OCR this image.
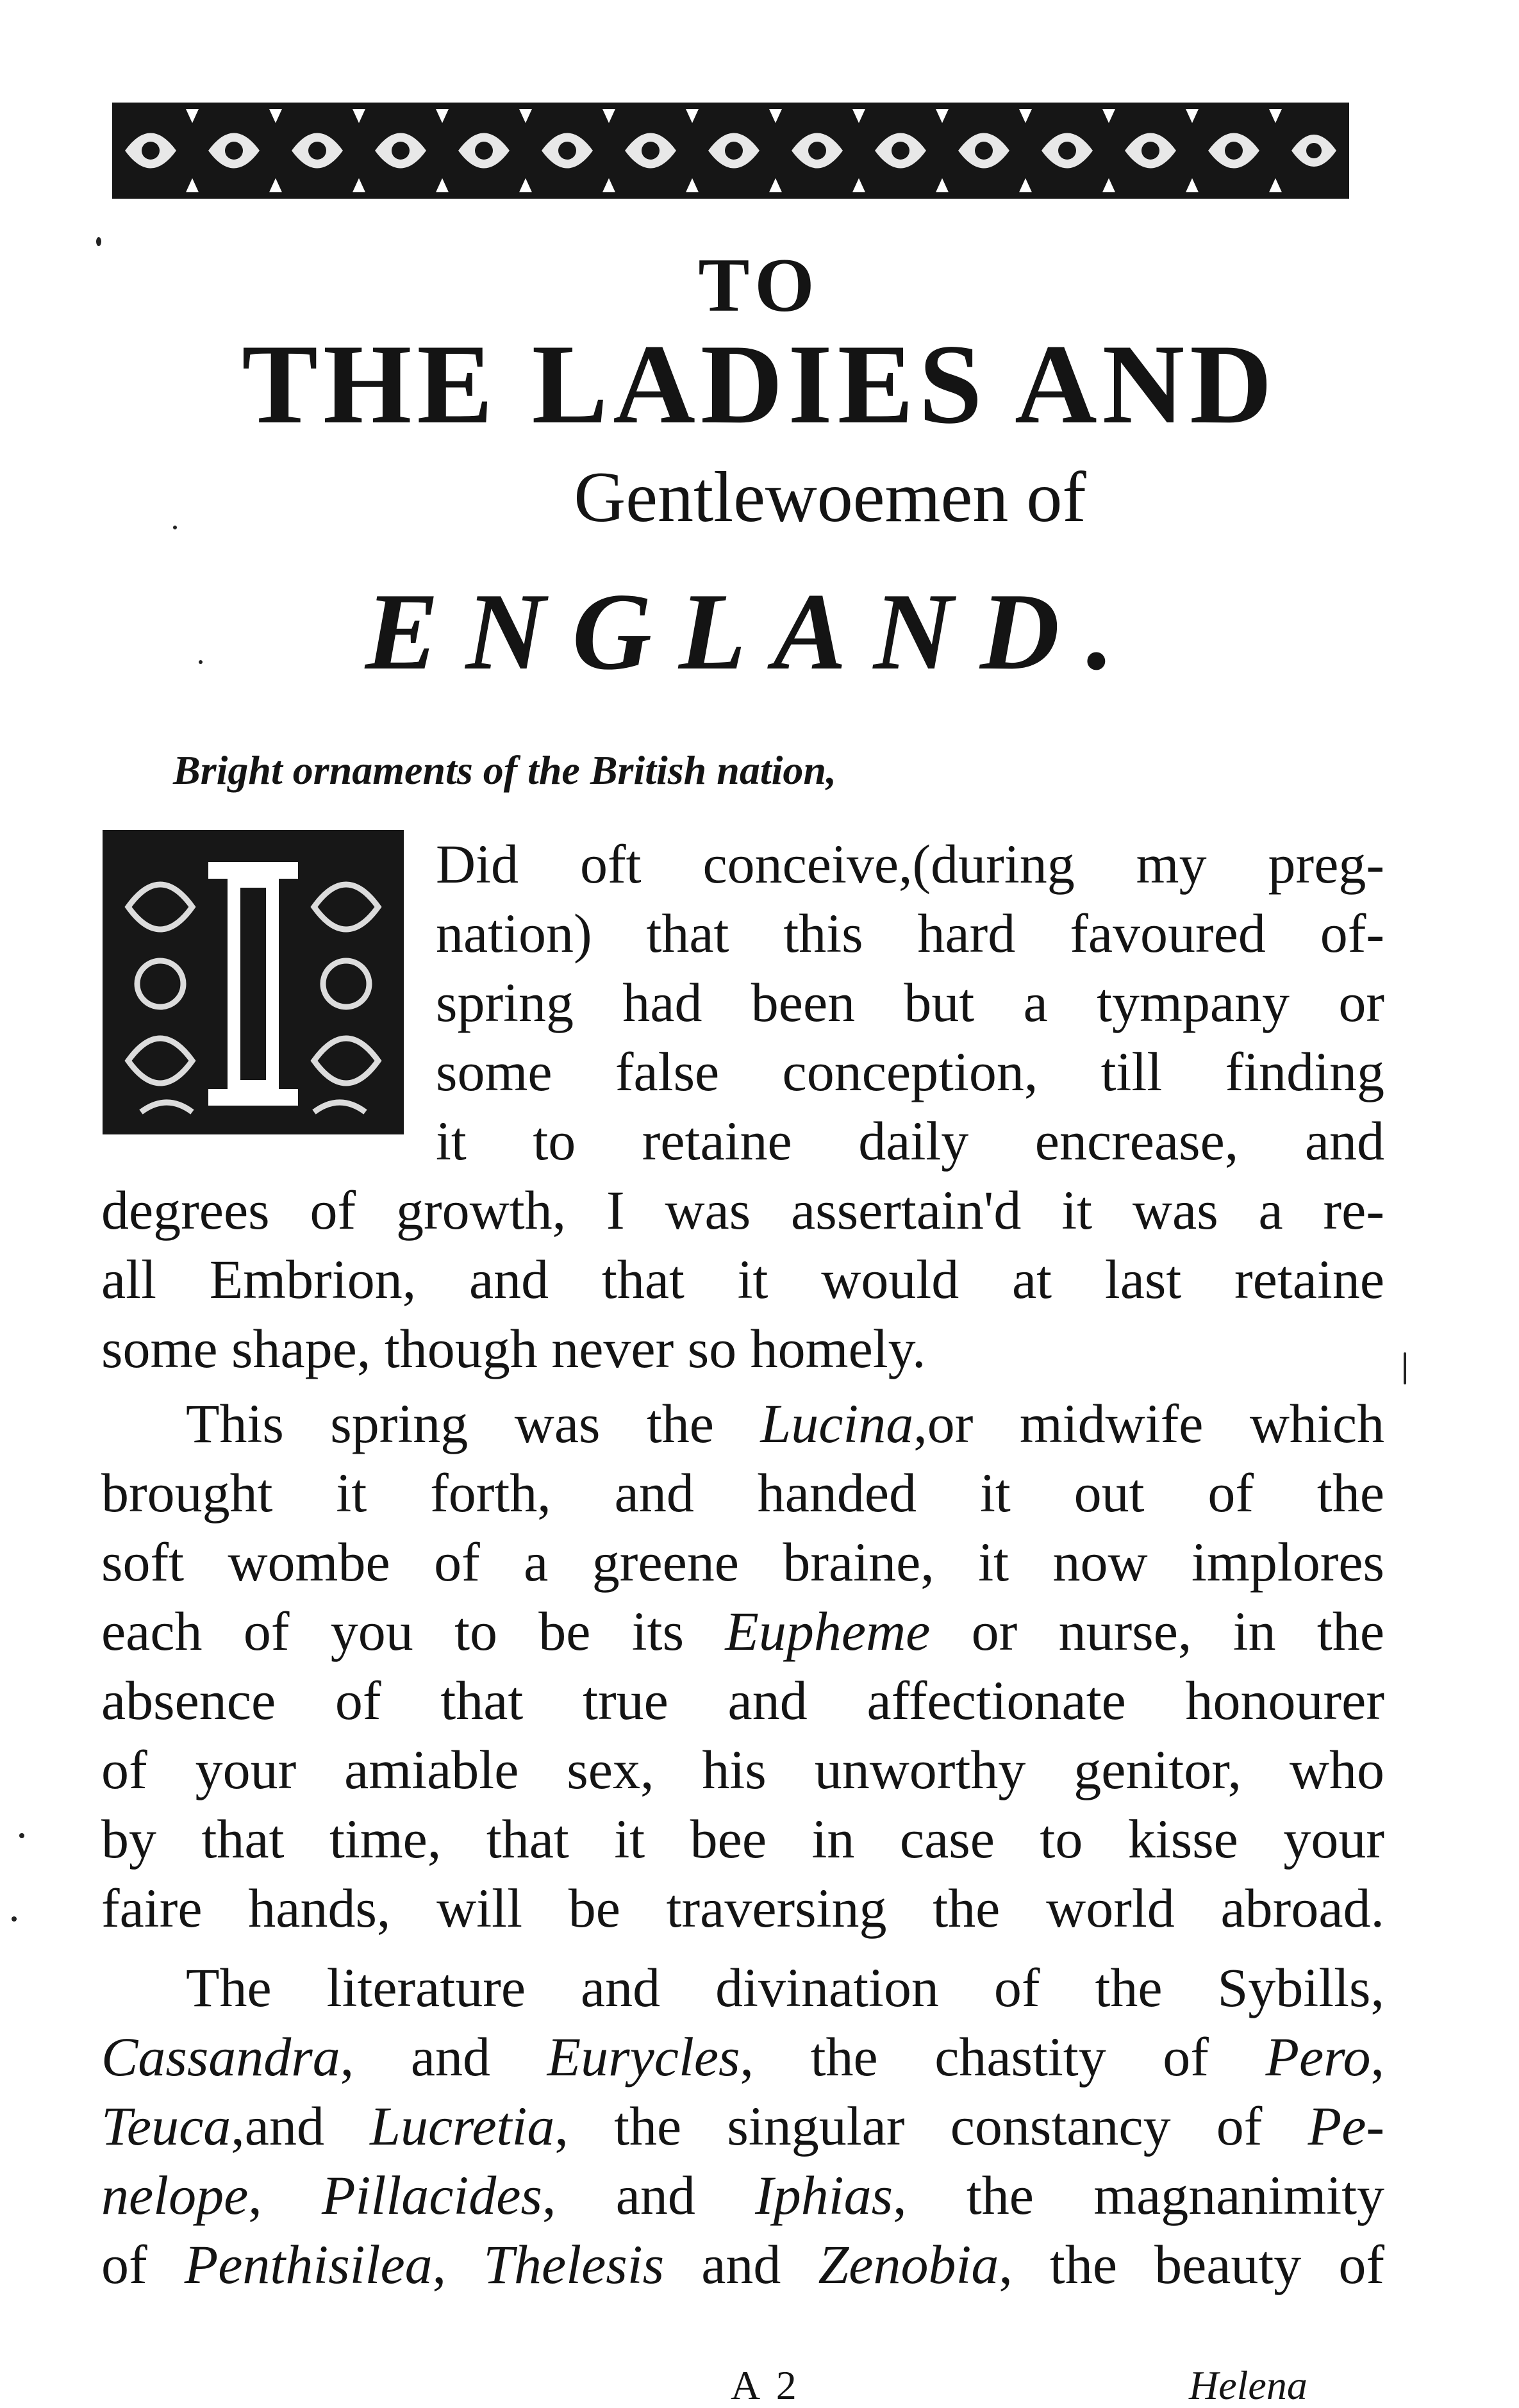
TO
THE LADIES AND
Gentlewoemen of
ENGLAND.
Bright ornaments of the British nation,
Did oft conceive,(during my preg-
nation) that this hard favoured of-
spring had been but a tympany or
some false conception, till finding
it to retaine daily encrease, and
degrees of growth, I was assertain'd it was a re-
all Embrion, and that it would at last retaine
some shape, though never so homely.
This spring was the Lucina,or midwife which
brought it forth, and handed it out of the
soft wombe of a greene braine, it now implores
each of you to be its Eupheme or nurse, in the
absence of that true and affectionate honourer
of your amiable sex, his unworthy genitor, who
by that time, that it bee in case to kisse your
faire hands, will be traversing the world abroad.
The literature and divination of the Sybills,
Cassandra, and Eurycles, the chastity of Pero,
Teuca,and Lucretia, the singular constancy of Pe-
nelope, Pillacides, and Iphias, the magnanimity
of Penthisilea, Thelesis and Zenobia, the beauty of
A 2	Helena
